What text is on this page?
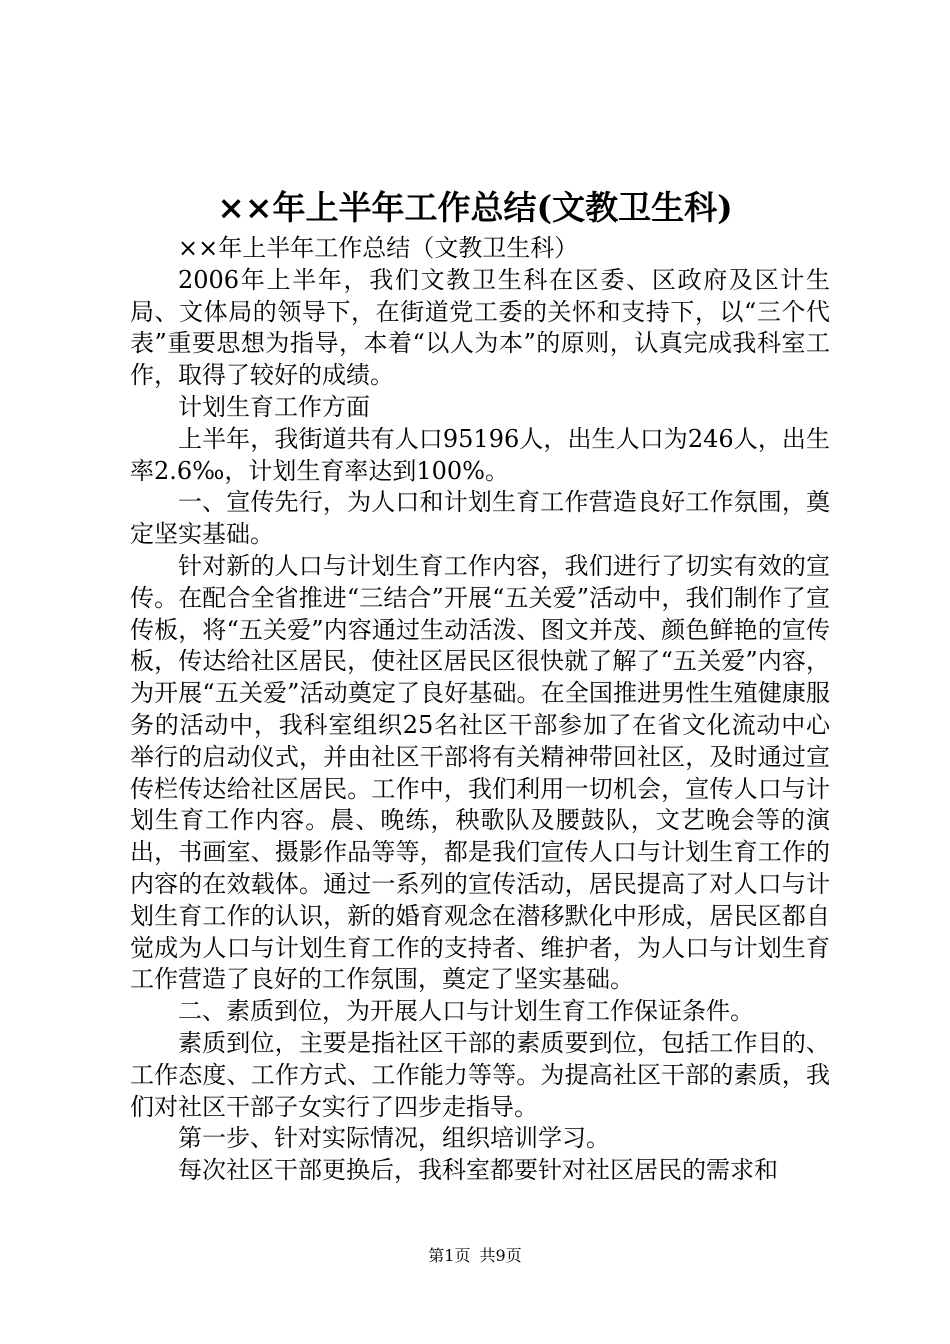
××年上半年工作总结(文教卫生科)

××年上半年工作总结（文教卫生科）

2006年上半年，我们文教卫生科在区委、区政府及区计生局、文体局的领导下，在街道党工委的关怀和支持下，以“三个代表”重要思想为指导，本着“以人为本”的原则，认真完成我科室工作，取得了较好的成绩。

计划生育工作方面

上半年，我街道共有人口95196人，出生人口为246人，出生率2.6‰，计划生育率达到100%。

一、宣传先行，为人口和计划生育工作营造良好工作氛围，奠定坚实基础。

针对新的人口与计划生育工作内容，我们进行了切实有效的宣传。在配合全省推进“三结合”开展“五关爱”活动中，我们制作了宣传板，将“五关爱”内容通过生动活泼、图文并茂、颜色鲜艳的宣传板，传达给社区居民，使社区居民区很快就了解了“五关爱”内容，为开展“五关爱”活动奠定了良好基础。在全国推进男性生殖健康服务的活动中，我科室组织25名社区干部参加了在省文化流动中心举行的启动仪式，并由社区干部将有关精神带回社区，及时通过宣传栏传达给社区居民。工作中，我们利用一切机会，宣传人口与计划生育工作内容。晨、晚练，秧歌队及腰鼓队，文艺晚会等的演出，书画室、摄影作品等等，都是我们宣传人口与计划生育工作的内容的在效载体。通过一系列的宣传活动，居民提高了对人口与计划生育工作的认识，新的婚育观念在潜移默化中形成，居民区都自觉成为人口与计划生育工作的支持者、维护者，为人口与计划生育工作营造了良好的工作氛围，奠定了坚实基础。

二、素质到位，为开展人口与计划生育工作保证条件。

素质到位，主要是指社区干部的素质要到位，包括工作目的、工作态度、工作方式、工作能力等等。为提高社区干部的素质，我们对社区干部子女实行了四步走指导。

第一步、针对实际情况，组织培训学习。

每次社区干部更换后，我科室都要针对社区居民的需求和

第1页 共9页
